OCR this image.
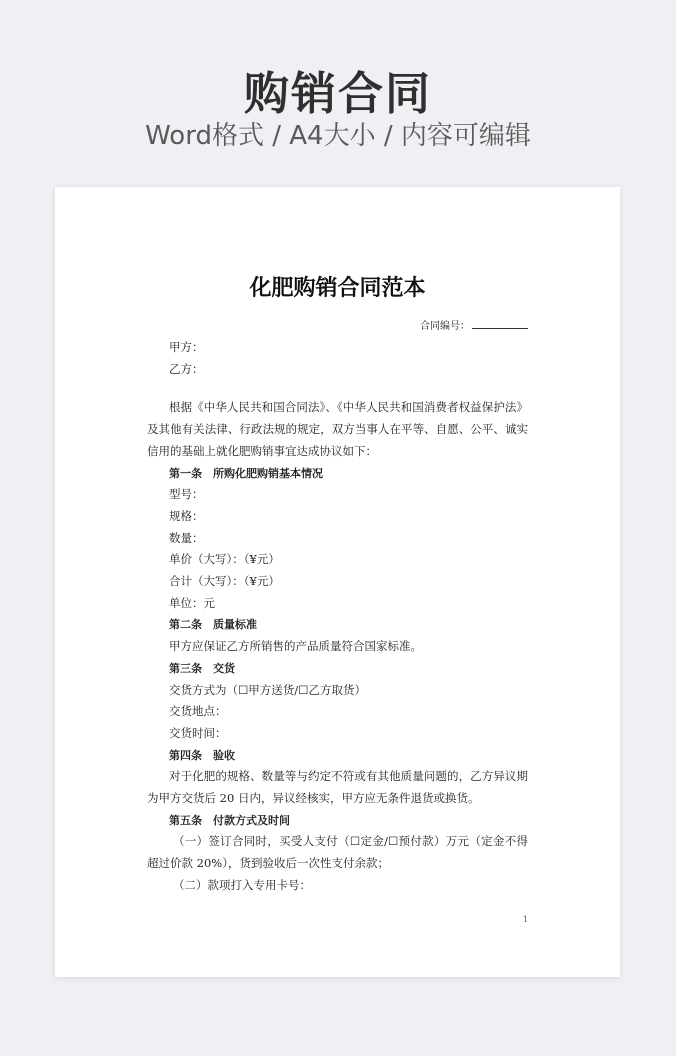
购销合同
Word格式 / A4大小 / 内容可编辑
化肥购销合同范本
合同编号：
甲方：
乙方：
根据《中华人民共和国合同法》、《中华人民共和国消费者权益保护法》及其他有关法律、行政法规的规定，双方当事人在平等、自愿、公平、诚实信用的基础上就化肥购销事宜达成协议如下：
第一条　所购化肥购销基本情况
型号：
规格：
数量：
单价（大写）：（¥元）
合计（大写）：（¥元）
单位：元
第二条　质量标准
甲方应保证乙方所销售的产品质量符合国家标准。
第三条　交货
交货方式为（☐甲方送货/☐乙方取货）
交货地点：
交货时间：
第四条　验收
对于化肥的规格、数量等与约定不符或有其他质量问题的，乙方异议期为甲方交货后 20 日内，异议经核实，甲方应无条件退货或换货。
第五条　付款方式及时间
（一）签订合同时，买受人支付（☐定金/☐预付款）万元（定金不得超过价款 20%），货到验收后一次性支付余款；
（二）款项打入专用卡号：
1
